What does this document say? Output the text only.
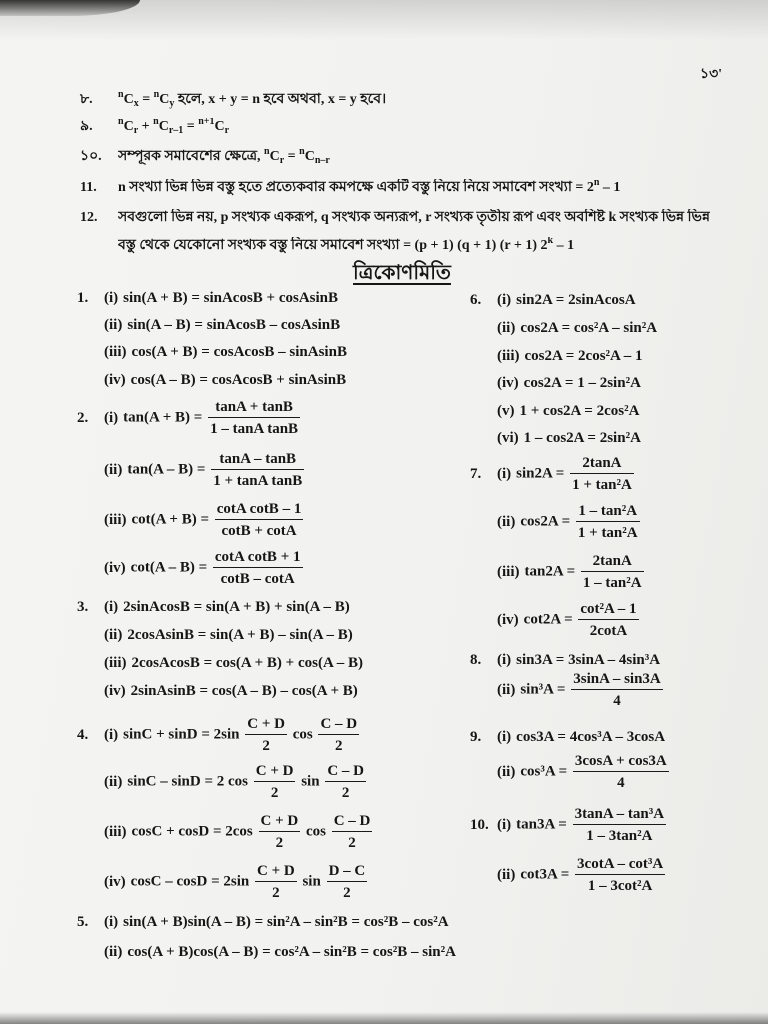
১৩'
৮.	$^nC_x = ^nC_y$ হলে, x + y = n হবে অথবা, x = y হবে।
৯.	$^nC_r + ^nC_{r-1} = ^{n+1}C_r$
১০. সম্পূরক সমাবেশের ক্ষেত্রে, $^nC_r = ^nC_{n-r}$
11. n সংখ্যা ভিন্ন ভিন্ন বস্তু হতে প্রত্যেকবার কমপক্ষে একটি বস্তু নিয়ে নিয়ে সমাবেশ সংখ্যা = $2^n - 1$
12. সবগুলো ভিন্ন নয়, p সংখ্যক একরূপ, q সংখ্যক অন্যরূপ, r সংখ্যক তৃতীয় রূপ এবং অবশিষ্ট k সংখ্যক ভিন্ন ভিন্ন
বস্তু থেকে যেকোনো সংখ্যক বস্তু নিয়ে সমাবেশ সংখ্যা = (p + 1) (q + 1) (r + 1) 2$^k$ – 1
ত্রিকোণমিতি
1. (i) sin(A + B) = sinAcosB + cosAsinB
(ii) sin(A – B) = sinAcosB – cosAsinB
(iii) cos(A + B) = cosAcosB – sinAsinB
(iv) cos(A – B) = cosAcosB + sinAsinB
2. (i) $\tan(A + B) = \frac{\tan A + \tan B}{\text{1 – tanA tanB}}$
(ii) $\tan(A - B) = \frac{\tan A - \tan B}{\text{1 + tanA tanB}}$
(iii) $\cot(A + B) = \frac{\text{cotA cotB – 1}}{\cot B + \cot A}$
(iv) $\cot(A - B) = \frac{\text{cotA cotB + 1}}{\cot B - \cot A}$
3. (i) 2sinAcosB = sin(A + B) + sin(A – B)
(ii) 2cosAsinB = sin(A + B) – sin(A – B)
(iii) 2cosAcosB = cos(A + B) + cos(A – B)
(iv) 2sinAsinB = cos(A – B) – cos(A + B)
4. (i) $\sin C + \sin D = 2\sin \frac{C + D}{2}$ $\cos \frac{C - D}{2}$
(ii) sinC – sinD = 2 $\cos \frac{C + D}{2}$ $\sin \frac{C - D}{2}$
(iii) $\cos C + \cos D = 2\cos \frac{C + D}{2}$ $\cos \frac{C - D}{2}$
(iv) $\cos C - \cos D = 2\sin \frac{C + D}{2}$ $\sin \frac{D - C}{2}$
5. (i) sin(A + B)sin(A – B) = sin²A – sin²B = cos²B – cos²A
(ii) cos(A + B)cos(A – B) = cos²A – sin²B = cos²B – sin²A
6. (i) sin2A = 2sinAcosA
(ii) cos2A = cos²A – sin²A
(iii) cos2A = 2cos²A – 1
(iv) cos2A = 1 – 2sin²A
(v) 1 + cos2A = 2cos²A
(vi) 1 – cos2A = 2sin²A
7. (i) $\sin 2A = \frac{2\tan A}{\text{1 + tan²A}}$
(ii) $\cos 2A = \frac{\text{1 – tan²A}}{\text{1 + tan²A}}$
(iii) $\tan 2A = \frac{2\tan A}{\text{1 – tan²A}}$
(iv) $\cot 2A = \frac{\text{cot²A – 1}}{2\cot A}$
8. (i) sin3A = 3sinA – 4sin³A
(ii) $\sin^3A = \frac{3\sin A - \sin 3A}{4}$
9. (i) cos3A = 4cos³A – 3cosA
(ii) $\cos^3A = \frac{3\cos A + \cos 3A}{4}$
10. (i) $\tan 3A = \frac{\text{3tanA – tan³A}}{\text{1 – 3tan²A}}$
(ii) $\cot 3A = \frac{\text{3cotA – cot³A}}{\text{1 – 3cot²A}}$
